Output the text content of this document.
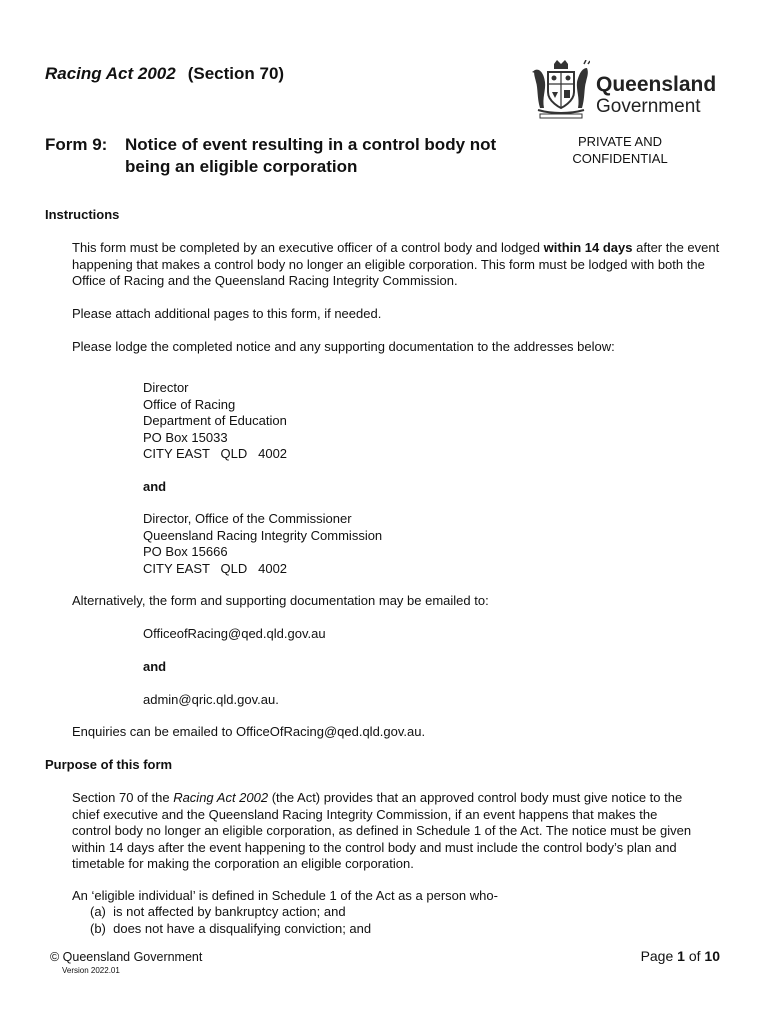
Racing Act 2002 (Section 70)	Queensland
Government
Form 9: Notice of event resulting in a control body not being an eligible corporation
PRIVATE AND
CONFIDENTIAL
Instructions
This form must be completed by an executive officer of a control body and lodged within 14 days after the event happening that makes a control body no longer an eligible corporation. This form must be lodged with both the Office of Racing and the Queensland Racing Integrity Commission.
Please attach additional pages to this form, if needed.
Please lodge the completed notice and any supporting documentation to the addresses below:
Director
Office of Racing
Department of Education
PO Box 15033
CITY EAST   QLD   4002
and
Director, Office of the Commissioner
Queensland Racing Integrity Commission
PO Box 15666
CITY EAST   QLD   4002
Alternatively, the form and supporting documentation may be emailed to:
OfficeofRacing@qed.qld.gov.au
and
admin@qric.qld.gov.au.
Enquiries can be emailed to OfficeOfRacing@qed.qld.gov.au.
Purpose of this form
Section 70 of the Racing Act 2002 (the Act) provides that an approved control body must give notice to the chief executive and the Queensland Racing Integrity Commission, if an event happens that makes the control body no longer an eligible corporation, as defined in Schedule 1 of the Act. The notice must be given within 14 days after the event happening to the control body and must include the control body’s plan and timetable for making the corporation an eligible corporation.
An ‘eligible individual’ is defined in Schedule 1 of the Act as a person who-
(a)  is not affected by bankruptcy action; and
(b)  does not have a disqualifying conviction; and
© Queensland Government
Version 2022.01
Page 1 of 10
